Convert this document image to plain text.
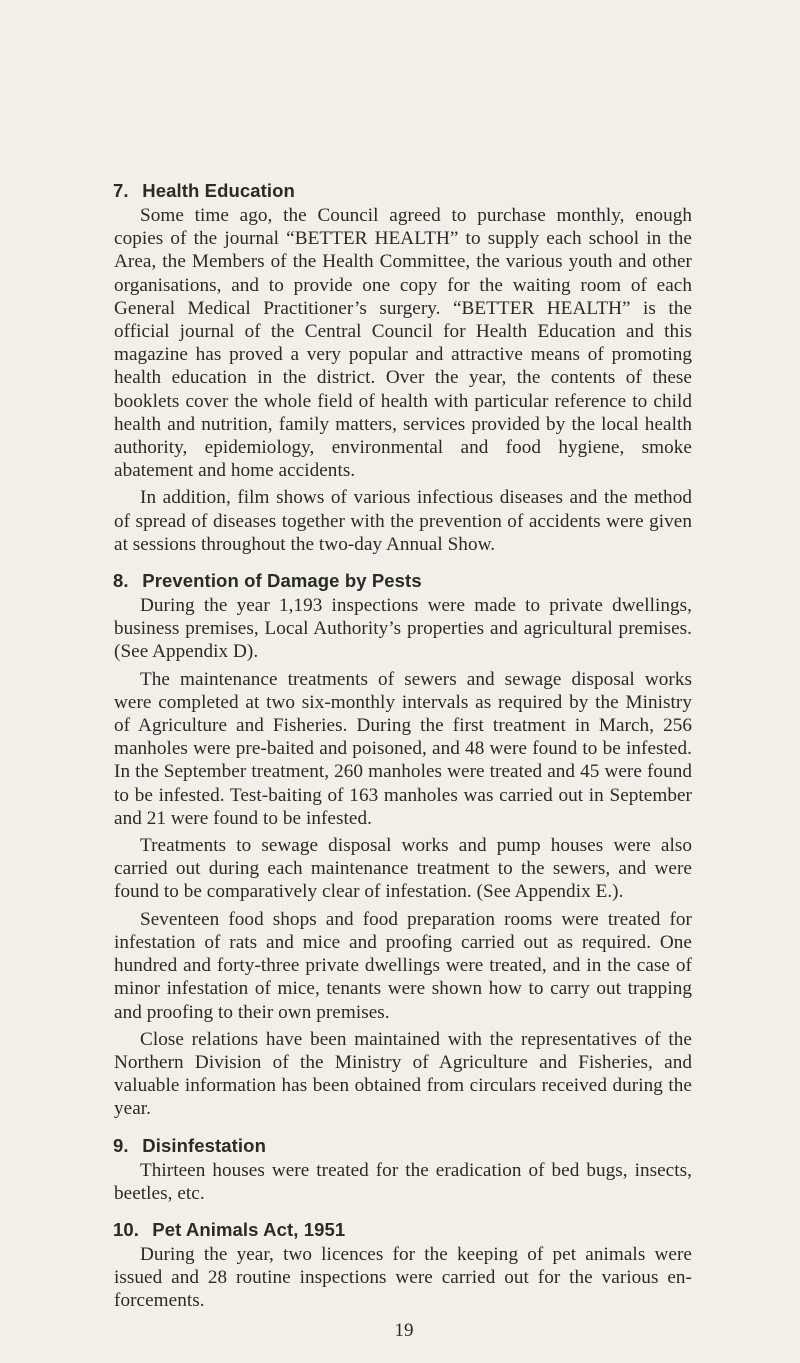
7. Health Education

Some time ago, the Council agreed to purchase monthly, enough copies of the journal “BETTER HEALTH” to supply each school in the Area, the Members of the Health Committee, the various youth and other organisations, and to provide one copy for the waiting room of each General Medical Practitioner’s surgery. “BETTER HEALTH” is the official journal of the Central Council for Health Education and this magazine has proved a very popular and attractive means of promoting health education in the district. Over the year, the contents of these booklets cover the whole field of health with particular reference to child health and nutrition, family matters, services provided by the local health authority, epidemiology, environmental and food hygiene, smoke abatement and home accidents.

In addition, film shows of various infectious diseases and the method of spread of diseases together with the prevention of accidents were given at sessions throughout the two-day Annual Show.

8. Prevention of Damage by Pests

During the year 1,193 inspections were made to private dwellings, business premises, Local Authority’s properties and agricultural premises. (See Appendix D).

The maintenance treatments of sewers and sewage disposal works were completed at two six-monthly intervals as required by the Ministry of Agriculture and Fisheries. During the first treatment in March, 256 manholes were pre-baited and poisoned, and 48 were found to be infested. In the September treatment, 260 manholes were treated and 45 were found to be infested. Test-baiting of 163 manholes was carried out in September and 21 were found to be infested.

Treatments to sewage disposal works and pump houses were also carried out during each maintenance treatment to the sewers, and were found to be comparatively clear of infestation. (See Appendix E.).

Seventeen food shops and food preparation rooms were treated for infestation of rats and mice and proofing carried out as required. One hundred and forty-three private dwellings were treated, and in the case of minor infestation of mice, tenants were shown how to carry out trapping and proofing to their own premises.

Close relations have been maintained with the representatives of the Northern Division of the Ministry of Agriculture and Fisheries, and valuable information has been obtained from circulars received during the year.

9. Disinfestation

Thirteen houses were treated for the eradication of bed bugs, insects, beetles, etc.

10. Pet Animals Act, 1951

During the year, two licences for the keeping of pet animals were issued and 28 routine inspections were carried out for the various en-forcements.

19
